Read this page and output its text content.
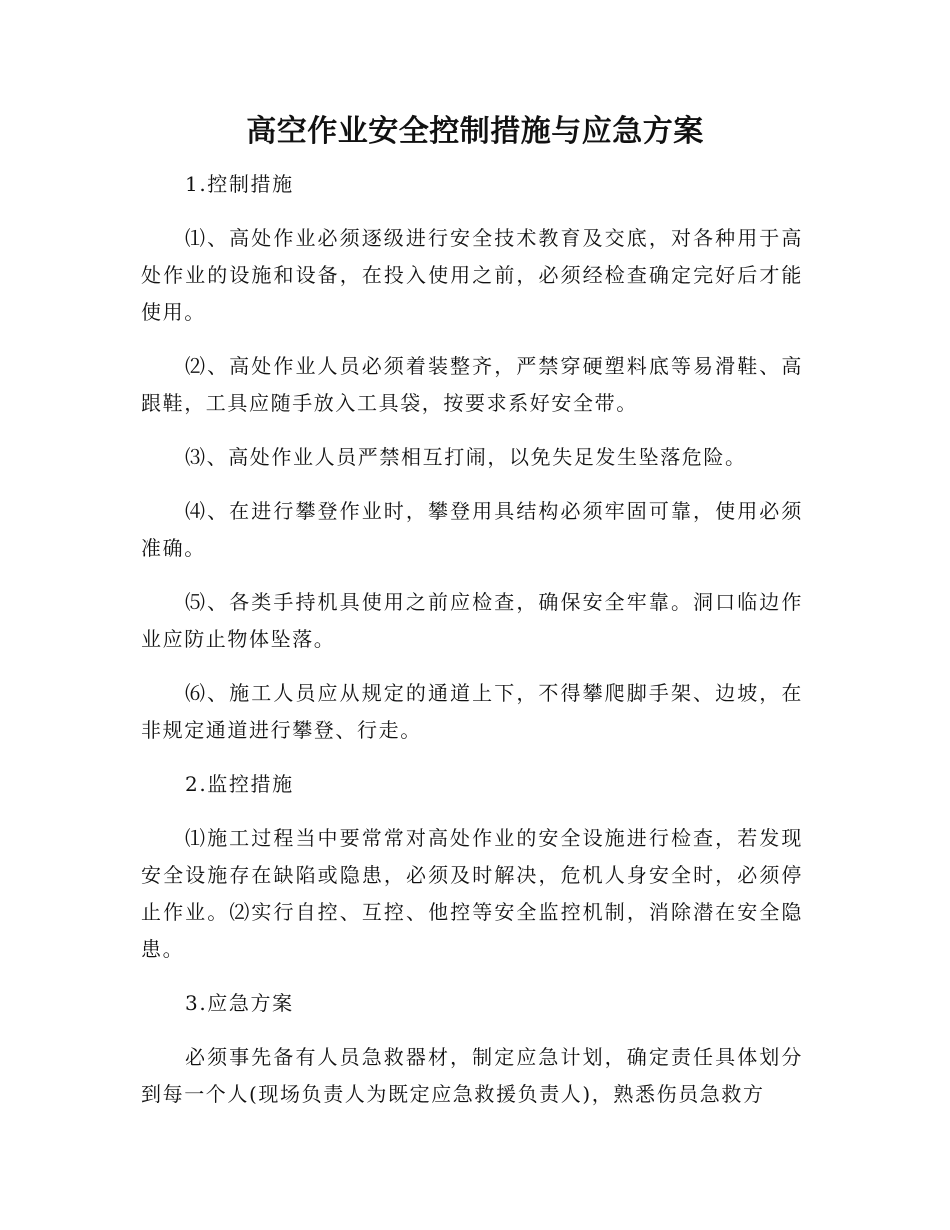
高空作业安全控制措施与应急方案

1.控制措施

⑴、高处作业必须逐级进行安全技术教育及交底，对各种用于高处作业的设施和设备，在投入使用之前，必须经检查确定完好后才能使用。

⑵、高处作业人员必须着装整齐，严禁穿硬塑料底等易滑鞋、高跟鞋，工具应随手放入工具袋，按要求系好安全带。

⑶、高处作业人员严禁相互打闹，以免失足发生坠落危险。

⑷、在进行攀登作业时，攀登用具结构必须牢固可靠，使用必须准确。

⑸、各类手持机具使用之前应检查，确保安全牢靠。洞口临边作业应防止物体坠落。

⑹、施工人员应从规定的通道上下，不得攀爬脚手架、边坡，在非规定通道进行攀登、行走。

2.监控措施

⑴施工过程当中要常常对高处作业的安全设施进行检查，若发现安全设施存在缺陷或隐患，必须及时解决，危机人身安全时，必须停止作业。⑵实行自控、互控、他控等安全监控机制，消除潜在安全隐患。

3.应急方案

必须事先备有人员急救器材，制定应急计划，确定责任具体划分到每一个人(现场负责人为既定应急救援负责人)，熟悉伤员急救方
